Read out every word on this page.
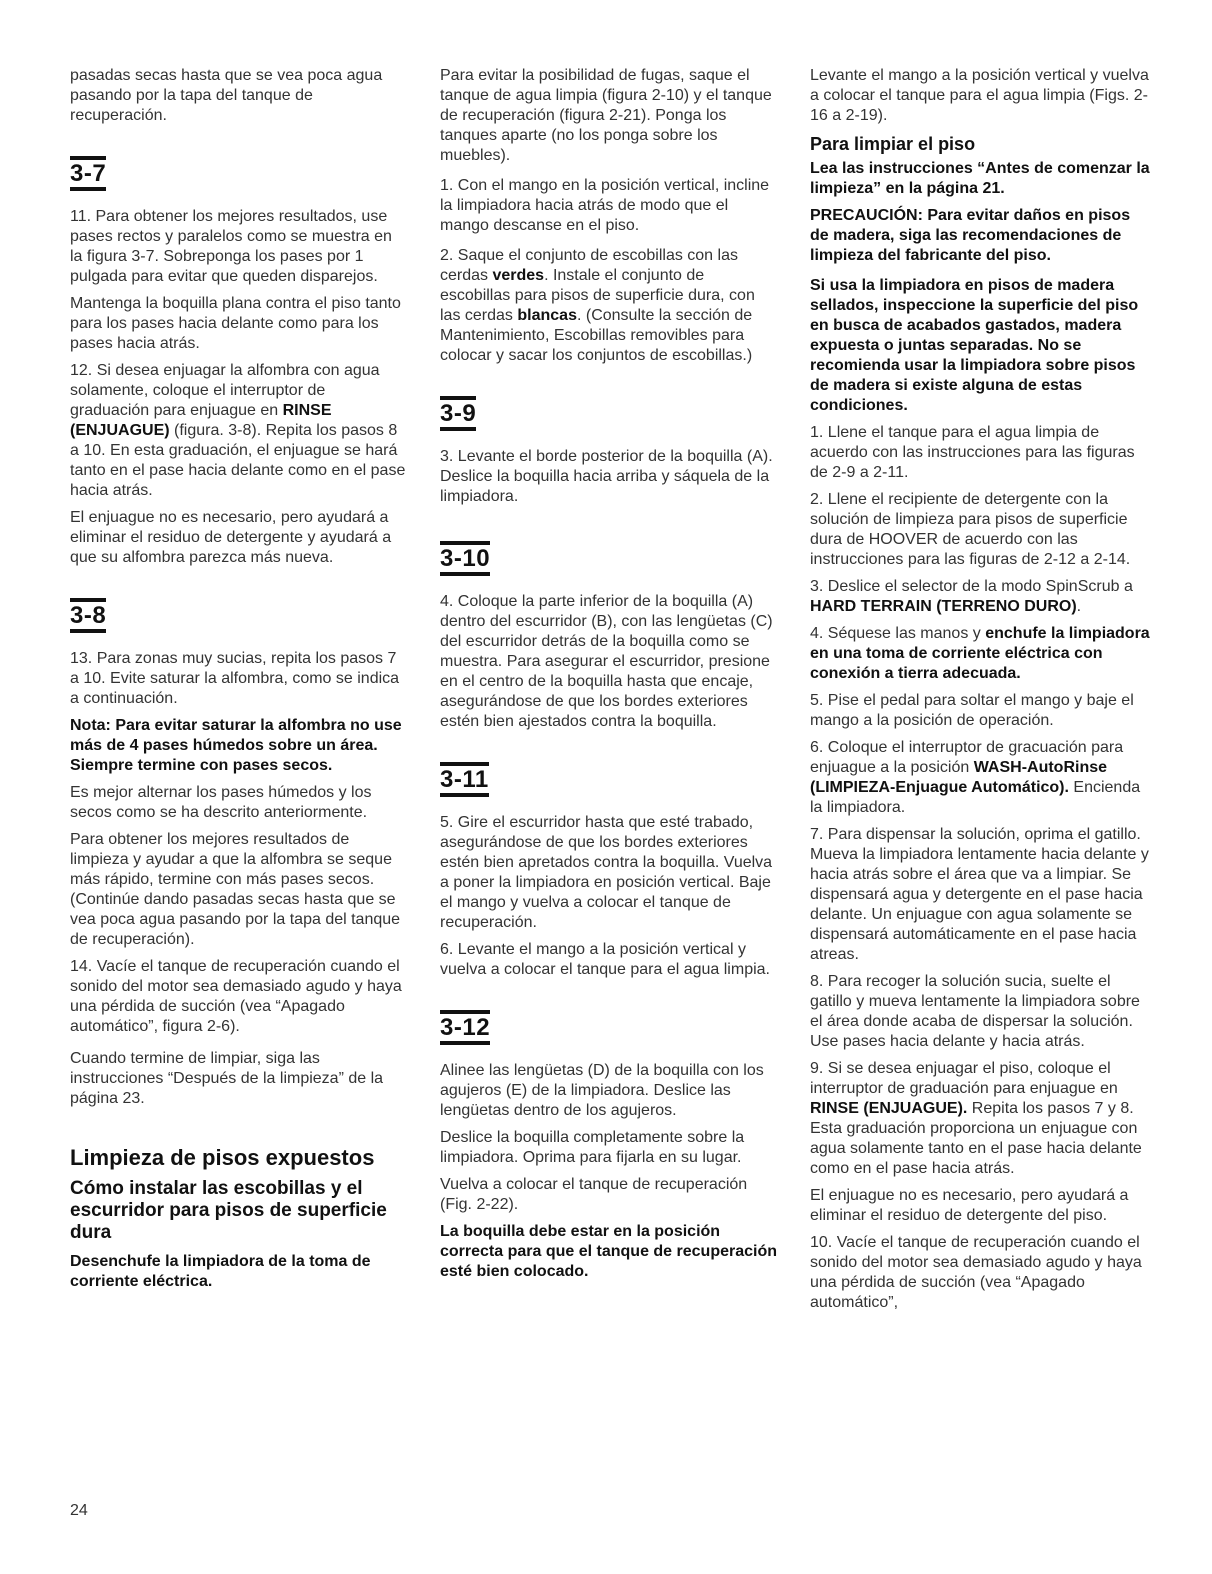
pasadas secas hasta que se vea poca agua pasando por la tapa del tanque de recuperación.

3-7

11. Para obtener los mejores resultados, use pases rectos y paralelos como se muestra en la figura 3-7. Sobreponga los pases por 1 pulgada para evitar que queden disparejos.

Mantenga la boquilla plana contra el piso tanto para los pases hacia delante como para los pases hacia atrás.

12. Si desea enjuagar la alfombra con agua solamente, coloque el interruptor de graduación para enjuague en RINSE (ENJUAGUE) (figura. 3-8). Repita los pasos 8 a 10. En esta graduación, el enjuague se hará tanto en el pase hacia delante como en el pase hacia atrás.

El enjuague no es necesario, pero ayudará a eliminar el residuo de detergente y ayudará a que su alfombra parezca más nueva.

3-8

13. Para zonas muy sucias, repita los pasos 7 a 10. Evite saturar la alfombra, como se indica a continuación.

Nota: Para evitar saturar la alfombra no use más de 4 pases húmedos sobre un área. Siempre termine con pases secos.

Es mejor alternar los pases húmedos y los secos como se ha descrito anteriormente.

Para obtener los mejores resultados de limpieza y ayudar a que la alfombra se seque más rápido, termine con más pases secos. (Continúe dando pasadas secas hasta que se vea poca agua pasando por la tapa del tanque de recuperación).

14. Vacíe el tanque de recuperación cuando el sonido del motor sea demasiado agudo y haya una pérdida de succión (vea “Apagado automático”, figura 2-6).

Cuando termine de limpiar, siga las instrucciones “Después de la limpieza” de la página 23.

Limpieza de pisos expuestos
Cómo instalar las escobillas y el escurridor para pisos de superficie dura

Desenchufe la limpiadora de la toma de corriente eléctrica.

Para evitar la posibilidad de fugas, saque el tanque de agua limpia (figura 2-10) y el tanque de recuperación (figura 2-21). Ponga los tanques aparte (no los ponga sobre los muebles).

1. Con el mango en la posición vertical, incline la limpiadora hacia atrás de modo que el mango descanse en el piso.

2. Saque el conjunto de escobillas con las cerdas verdes. Instale el conjunto de escobillas para pisos de superficie dura, con las cerdas blancas. (Consulte la sección de Mantenimiento, Escobillas removibles para colocar y sacar los conjuntos de escobillas.)

3-9

3. Levante el borde posterior de la boquilla (A). Deslice la boquilla hacia arriba y sáquela de la limpiadora.

3-10

4. Coloque la parte inferior de la boquilla (A) dentro del escurridor (B), con las lengüetas (C) del escurridor detrás de la boquilla como se muestra. Para asegurar el escurridor, presione en el centro de la boquilla hasta que encaje, asegurándose de que los bordes exteriores estén bien ajestados contra la boquilla.

3-11

5. Gire el escurridor hasta que esté trabado, asegurándose de que los bordes exteriores estén bien apretados contra la boquilla. Vuelva a poner la limpiadora en posición vertical. Baje el mango y vuelva a colocar el tanque de recuperación.

6. Levante el mango a la posición vertical y vuelva a colocar el tanque para el agua limpia.

3-12

Alinee las lengüetas (D) de la boquilla con los agujeros (E) de la limpiadora. Deslice las lengüetas dentro de los agujeros.

Deslice la boquilla completamente sobre la limpiadora. Oprima para fijarla en su lugar.

Vuelva a colocar el tanque de recuperación (Fig. 2-22).

La boquilla debe estar en la posición correcta para que el tanque de recuperación esté bien colocado.

Levante el mango a la posición vertical y vuelva a colocar el tanque para el agua limpia (Figs. 2-16 a 2-19).

Para limpiar el piso

Lea las instrucciones “Antes de comenzar la limpieza” en la página 21.

PRECAUCIÓN: Para evitar daños en pisos de madera, siga las recomendaciones de limpieza del fabricante del piso.

Si usa la limpiadora en pisos de madera sellados, inspeccione la superficie del piso en busca de acabados gastados, madera expuesta o juntas separadas. No se recomienda usar la limpiadora sobre pisos de madera si existe alguna de estas condiciones.

1. Llene el tanque para el agua limpia de acuerdo con las instrucciones para las figuras de 2-9 a 2-11.

2. Llene el recipiente de detergente con la solución de limpieza para pisos de superficie dura de HOOVER de acuerdo con las instrucciones para las figuras de 2-12 a 2-14.

3. Deslice el selector de la modo SpinScrub a HARD TERRAIN (TERRENO DURO).

4. Séquese las manos y enchufe la limpiadora en una toma de corriente eléctrica con conexión a tierra adecuada.

5. Pise el pedal para soltar el mango y baje el mango a la posición de operación.

6. Coloque el interruptor de gracuación para enjuague a la posición WASH-AutoRinse (LIMPIEZA-Enjuague Automático). Encienda la limpiadora.

7. Para dispensar la solución, oprima el gatillo. Mueva la limpiadora lentamente hacia delante y hacia atrás sobre el área que va a limpiar. Se dispensará agua y detergente en el pase hacia delante. Un enjuague con agua solamente se dispensará automáticamente en el pase hacia atreas.

8. Para recoger la solución sucia, suelte el gatillo y mueva lentamente la limpiadora sobre el área donde acaba de dispersar la solución. Use pases hacia delante y hacia atrás.

9. Si se desea enjuagar el piso, coloque el interruptor de graduación para enjuague en RINSE (ENJUAGUE). Repita los pasos 7 y 8. Esta graduación proporciona un enjuague con agua solamente tanto en el pase hacia delante como en el pase hacia atrás.

El enjuague no es necesario, pero ayudará a eliminar el residuo de detergente del piso.

10. Vacíe el tanque de recuperación cuando el sonido del motor sea demasiado agudo y haya una pérdida de succión (vea “Apagado automático”,

24
